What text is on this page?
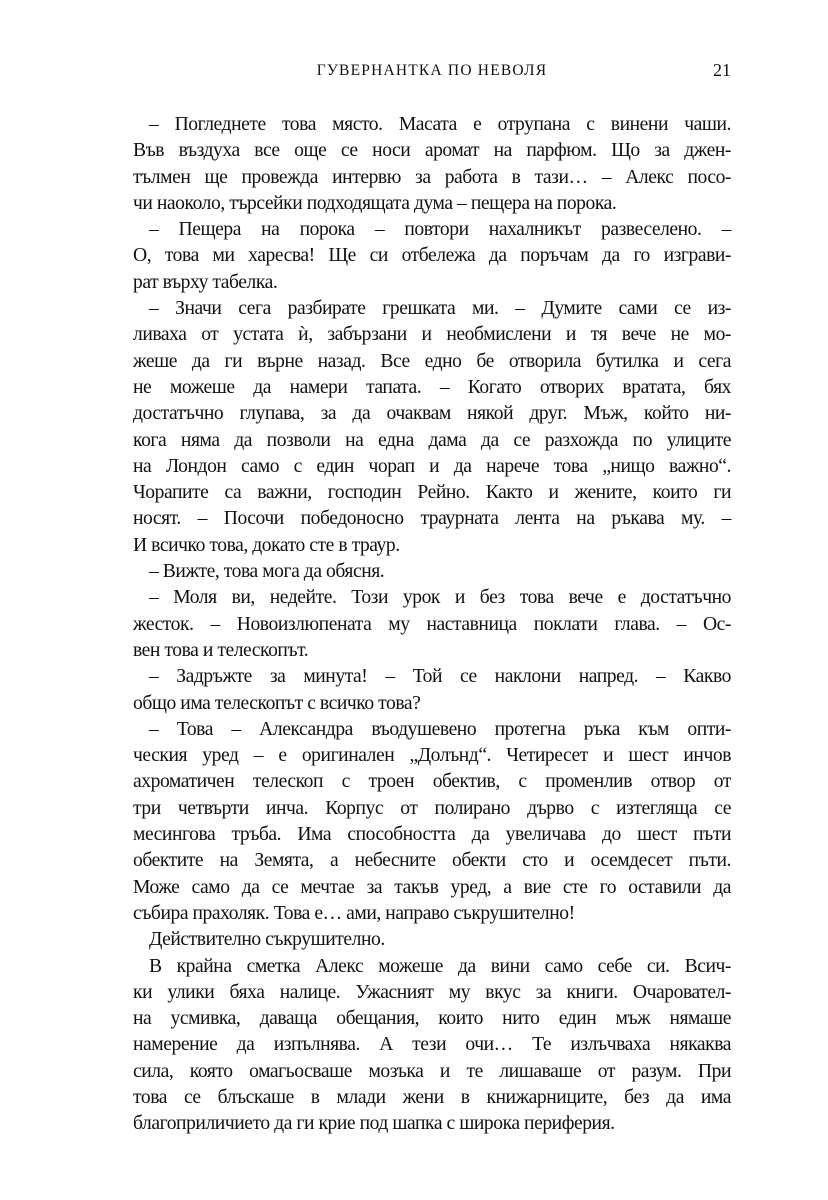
ГУВЕРНАНТКА ПО НЕВОЛЯ	21
– Погледнете това място. Масата е отрупана с винени чаши.
Във въздуха все още се носи аромат на парфюм. Що за джен-
тълмен ще провежда интервю за работа в тази… – Алекс посо-
чи наоколо, търсейки подходящата дума – пещера на порока.
– Пещера на порока – повтори нахалникът развеселено. –
О, това ми харесва! Ще си отбележа да поръчам да го изграви-
рат върху табелка.
– Значи сега разбирате грешката ми. – Думите сами се из-
ливаха от устата ѝ, забързани и необмислени и тя вече не мо-
жеше да ги върне назад. Все едно бе отворила бутилка и сега
не можеше да намери тапата. – Когато отворих вратата, бях
достатъчно глупава, за да очаквам някой друг. Мъж, който ни-
кога няма да позволи на една дама да се разхожда по улиците
на Лондон само с един чорап и да нарече това „нищо важно“.
Чорапите са важни, господин Рейно. Както и жените, които ги
носят. – Посочи победоносно траурната лента на ръкава му. –
И всичко това, докато сте в траур.
– Вижте, това мога да обясня.
– Моля ви, недейте. Този урок и без това вече е достатъчно
жесток. – Новоизлюпената му наставница поклати глава. – Ос-
вен това и телескопът.
– Задръжте за минута! – Той се наклони напред. – Какво
общо има телескопът с всичко това?
– Това – Александра въодушевено протегна ръка към опти-
ческия уред – е оригинален „Долънд“. Четиресет и шест инчов
ахроматичен телескоп с троен обектив, с променлив отвор от
три четвърти инча. Корпус от полирано дърво с изтегляща се
месингова тръба. Има способността да увеличава до шест пъти
обектите на Земята, а небесните обекти сто и осемдесет пъти.
Може само да се мечтае за такъв уред, а вие сте го оставили да
събира прахоляк. Това е… ами, направо съкрушително!
Действително съкрушително.
В крайна сметка Алекс можеше да вини само себе си. Всич-
ки улики бяха налице. Ужасният му вкус за книги. Очаровател-
на усмивка, даваща обещания, които нито един мъж нямаше
намерение да изпълнява. А тези очи… Те излъчваха някаква
сила, която омагьосваше мозъка и те лишаваше от разум. При
това се блъскаше в млади жени в книжарниците, без да има
благоприличието да ги крие под шапка с широка периферия.
